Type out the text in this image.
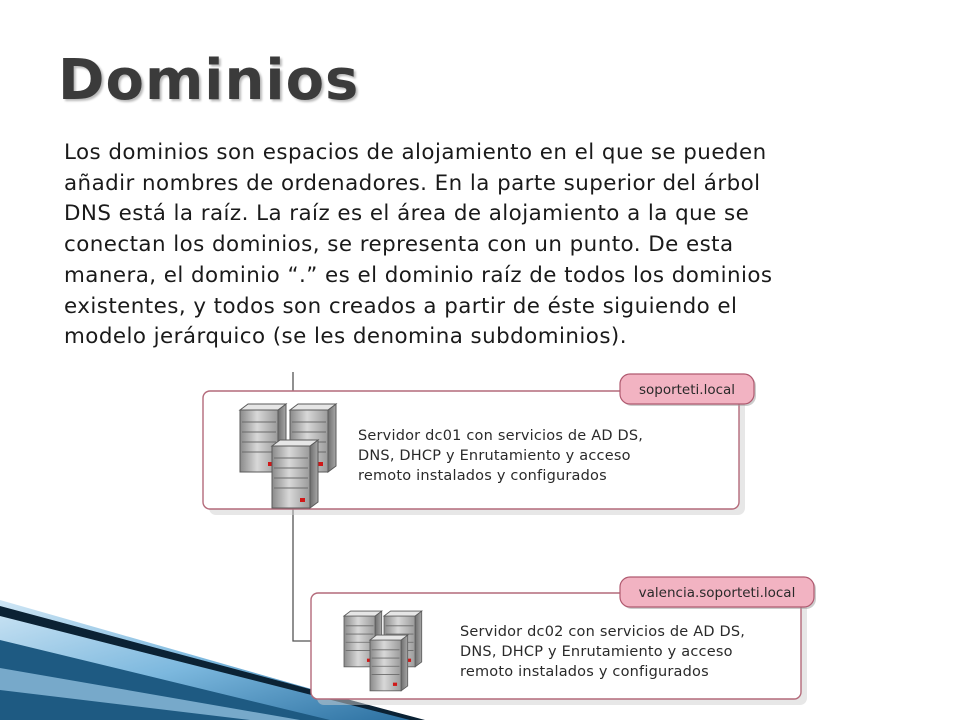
Dominios
Los dominios son espacios de alojamiento en el que se pueden
añadir nombres de ordenadores. En la parte superior del árbol
DNS está la raíz. La raíz es el área de alojamiento a la que se
conectan los dominios, se representa con un punto. De esta
manera, el dominio “.” es el dominio raíz de todos los dominios
existentes, y todos son creados a partir de éste siguiendo el
modelo jerárquico (se les denomina subdominios).
Servidor dc01 con servicios de AD DS,
DNS, DHCP y Enrutamiento y acceso
remoto instalados y configurados
soporteti.local
Servidor dc02 con servicios de AD DS,
DNS, DHCP y Enrutamiento y acceso
remoto instalados y configurados
valencia.soporteti.local
